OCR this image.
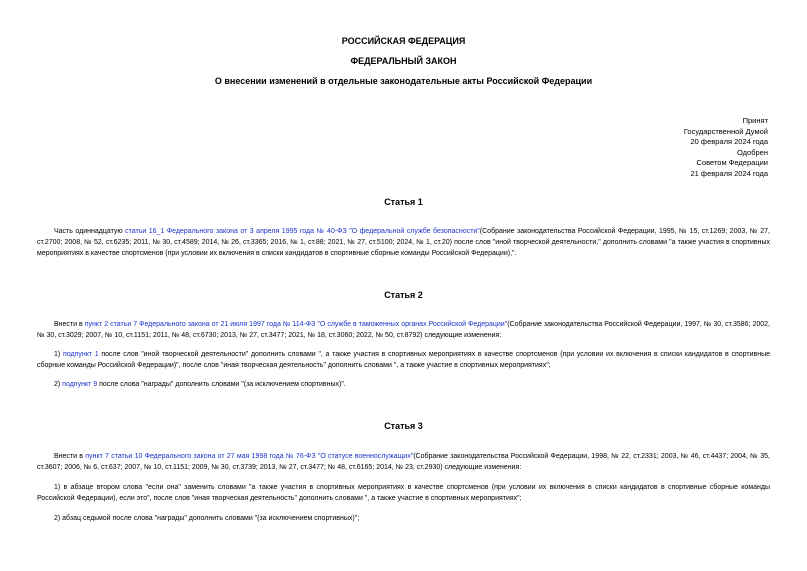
РОССИЙСКАЯ ФЕДЕРАЦИЯ
ФЕДЕРАЛЬНЫЙ ЗАКОН
О внесении изменений в отдельные законодательные акты Российской Федерации
Принят
Государственной Думой
20 февраля 2024 года
Одобрен
Советом Федерации
21 февраля 2024 года
Статья 1
Часть одиннадцатую статьи 16_1 Федерального закона от 3 апреля 1995 года № 40-ФЗ "О федеральной службе безопасности"(Собрание законодательства Российской Федерации, 1995, № 15, ст.1269; 2003, № 27, ст.2700; 2008, № 52, ст.6235; 2011, № 30, ст.4589; 2014, № 26, ст.3365; 2016, № 1, ст.88; 2021, № 27, ст.5100; 2024, № 1, ст.20) после слов "иной творческой деятельности," дополнить словами "а также участия в спортивных мероприятиях в качестве спортсменов (при условии их включения в списки кандидатов в спортивные сборные команды Российской Федерации),".
Статья 2
Внести в пункт 2 статьи 7 Федерального закона от 21 июля 1997 года № 114-ФЗ "О службе в таможенных органах Российской Федерации"(Собрание законодательства Российской Федерации, 1997, № 30, ст.3586; 2002, № 30, ст.3029; 2007, № 10, ст.1151; 2011, № 48, ст.6730; 2013, № 27, ст.3477; 2021, № 18, ст.3060; 2022, № 50, ст.8792) следующие изменения:
1) подпункт 1 после слов "иной творческой деятельности" дополнить словами ", а также участия в спортивных мероприятиях в качестве спортсменов (при условии их включения в списки кандидатов в спортивные сборные команды Российской Федерации)", после слов "иная творческая деятельность" дополнить словами ", а также участие в спортивных мероприятиях";
2) подпункт 9 после слова "награды" дополнить словами "(за исключением спортивных)".
Статья 3
Внести в пункт 7 статьи 10 Федерального закона от 27 мая 1998 года № 76-ФЗ "О статусе военнослужащих"(Собрание законодательства Российской Федерации, 1998, № 22, ст.2331; 2003, № 46, ст.4437; 2004, № 35, ст.3607; 2006, № 6, ст.637; 2007, № 10, ст.1151; 2009, № 30, ст.3739; 2013, № 27, ст.3477; № 48, ст.6165; 2014, № 23, ст.2930) следующие изменения:
1) в абзаце втором слова "если она" заменить словами "а также участия в спортивных мероприятиях в качестве спортсменов (при условии их включения в списки кандидатов в спортивные сборные команды Российской Федерации), если это", после слов "иная творческая деятельность" дополнить словами ", а также участие в спортивных мероприятиях";
2) абзац седьмой после слова "награды" дополнить словами "(за исключением спортивных)";
